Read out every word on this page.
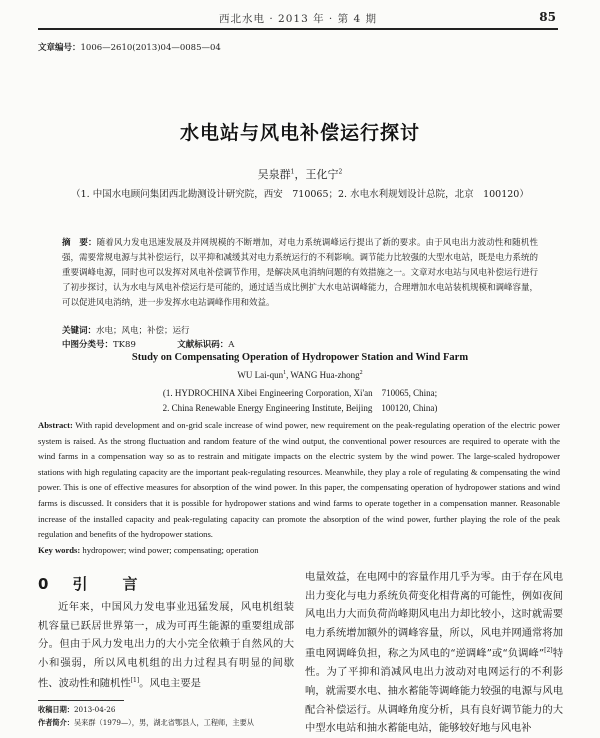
西北水电 · 2013 年 · 第 4 期	85
文章编号：1006—2610(2013)04—0085—04
水电站与风电补偿运行探讨
吴泉群$^1$，王化宁$^2$
（1. 中国水电顾问集团西北勘测设计研究院，西安　710065；2. 水电水利规划设计总院，北京　100120）
摘　要：随着风力发电迅速发展及并网规模的不断增加，对电力系统调峰运行提出了新的要求。由于风电出力波动性和随机性强，需要常规电源与其补偿运行，以平抑和减缓其对电力系统运行的不利影响。调节能力比较强的大型水电站，既是电力系统的重要调峰电源，同时也可以发挥对风电补偿调节作用，是解决风电消纳问题的有效措施之一。文章对水电站与风电补偿运行进行了初步探讨，认为水电与风电补偿运行是可能的，通过适当成比例扩大水电站调峰能力，合理增加水电站装机规模和调峰容量，可以促进风电消纳，进一步发挥水电站调峰作用和效益。
关键词：水电；风电；补偿；运行
中图分类号：TK89	文献标识码：A
Study on Compensating Operation of Hydropower Station and Wind Farm
WU Lai-qun$^1$, WANG Hua-zhong$^2$
(1. HYDROCHINA Xibei Engineering Corporation, Xi'an　710065, China;
2. China Renewable Energy Engineering Institute, Beijing　100120, China)
Abstract: With rapid development and on-grid scale increase of wind power, new requirement on the peak-regulating operation of the electric power system is raised. As the strong fluctuation and random feature of the wind output, the conventional power resources are required to operate with the wind farms in a compensation way so as to restrain and mitigate impacts on the electric system by the wind power. The large-scaled hydropower stations with high regulating capacity are the important peak-regulating resources. Meanwhile, they play a role of regulating & compensating the wind power. This is one of effective measures for absorption of the wind power. In this paper, the compensating operation of hydropower stations and wind farms is discussed. It considers that it is possible for hydropower stations and wind farms to operate together in a compensation manner. Reasonable increase of the installed capacity and peak-regulating capacity can promote the absorption of the wind power, further playing the role of the peak regulation and benefits of the hydropower stations.
Key words: hydropower; wind power; compensating; operation
0 引　言
近年来，中国风力发电事业迅猛发展，风电机组装机容量已跃居世界第一，成为可再生能源的重要组成部分。但由于风力发电出力的大小完全依赖于自然风的大小和强弱，所以风电机组的出力过程具有明显的间歇性、波动性和随机性[1]。风电主要是
收稿日期：2013-04-26
作者简介：吴来群（1979—），男，湖北省鄂县人，工程师，主要从
电量效益，在电网中的容量作用几乎为零。由于存在风电出力变化与电力系统负荷变化相背离的可能性，例如夜间风电出力大而负荷尚峰期风电出力却比较小，这时就需要电力系统增加额外的调峰容量，所以，风电并网通常将加重电网调峰负担，称之为风电的“逆调峰”或“负调峰”[2]特性。为了平抑和消减风电出力波动对电网运行的不利影响，就需要水电、抽水蓄能等调峰能力较强的电源与风电配合补偿运行。从调峰角度分析，具有良好调节能力的大中型水电站和抽水蓄能电站，能够较好地与风电补
